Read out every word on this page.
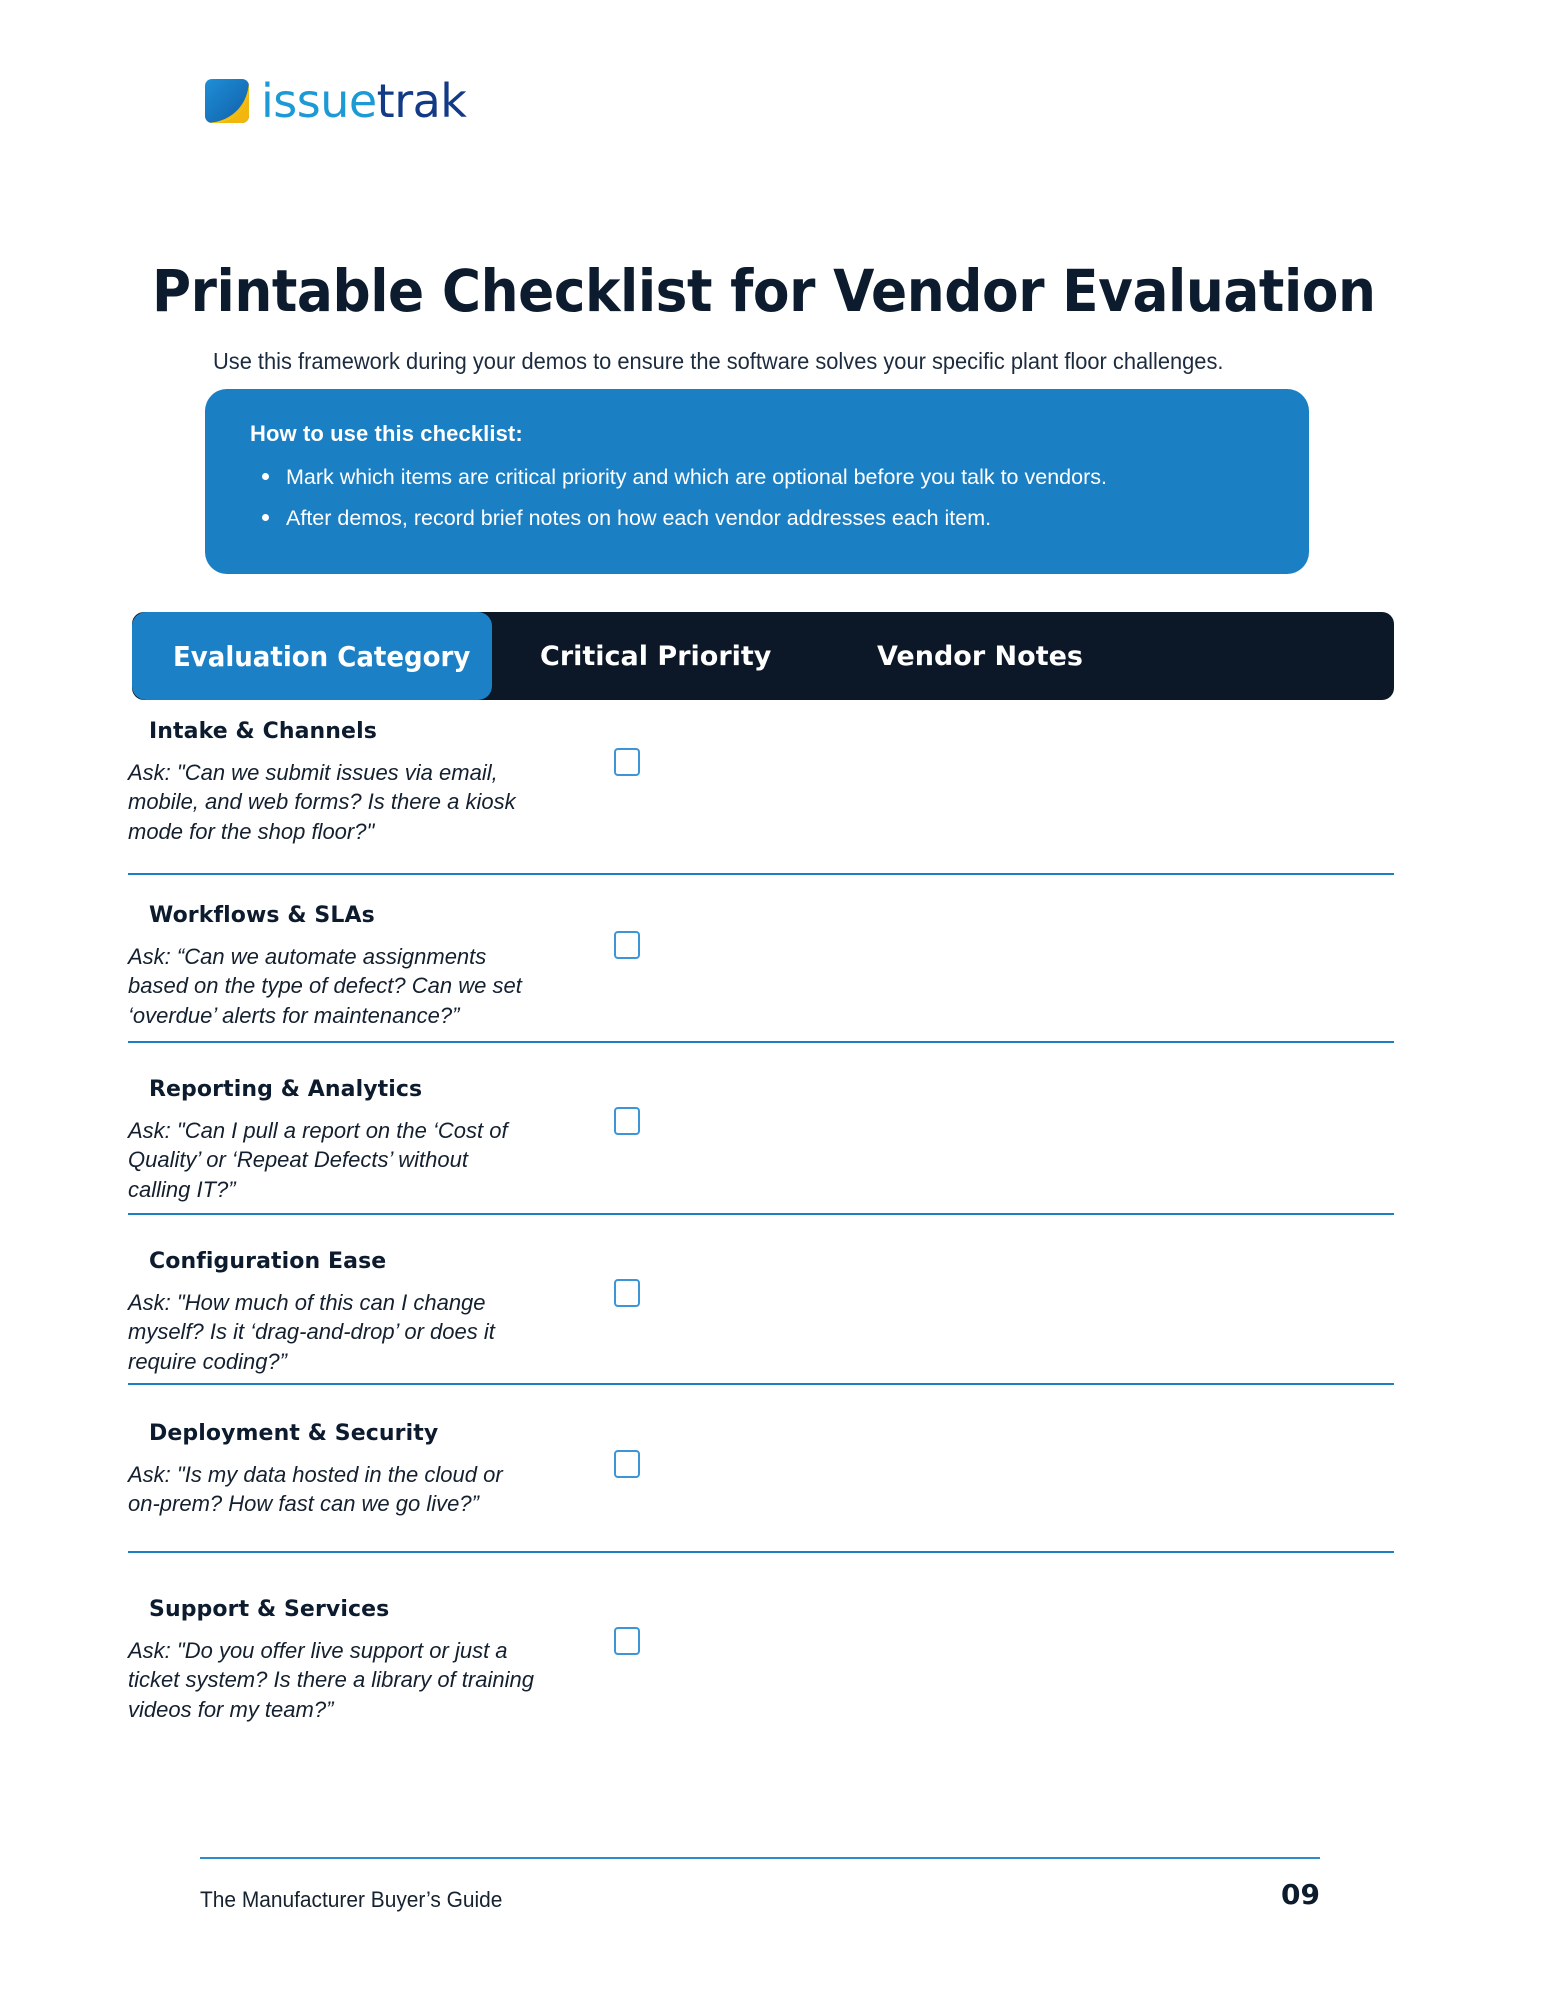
issuetrak
Printable Checklist for Vendor Evaluation

Use this framework during your demos to ensure the software solves your specific plant floor challenges.

How to use this checklist:
Mark which items are critical priority and which are optional before you talk to vendors.
After demos, record brief notes on how each vendor addresses each item.
Evaluation Category	Critical Priority	Vendor Notes
Intake & Channels
Ask: "Can we submit issues via email, mobile, and web forms? Is there a kiosk mode for the shop floor?"
Workflows & SLAs
Ask: “Can we automate assignments based on the type of defect? Can we set ‘overdue’ alerts for maintenance?”
Reporting & Analytics
Ask: "Can I pull a report on the ‘Cost of Quality’ or ‘Repeat Defects’ without calling IT?”
Configuration Ease
Ask: "How much of this can I change myself? Is it ‘drag-and-drop’ or does it require coding?”
Deployment & Security
Ask: "Is my data hosted in the cloud or on-prem? How fast can we go live?”
Support & Services
Ask: "Do you offer live support or just a ticket system? Is there a library of training videos for my team?”
The Manufacturer Buyer’s Guide	09
